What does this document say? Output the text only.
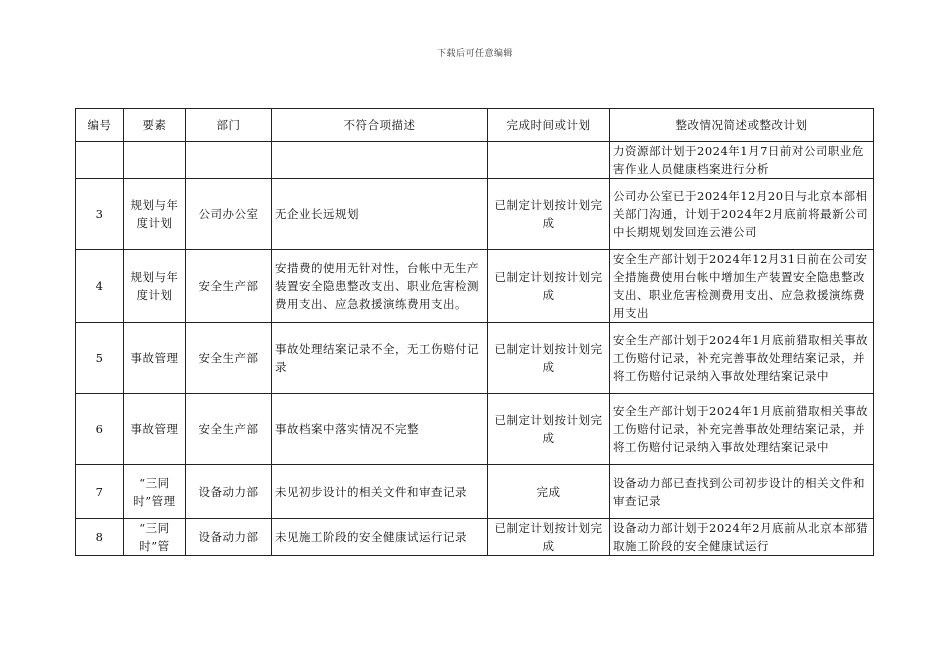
下载后可任意编辑
编号	要素	部门	不符合项描述	完成时间或计划	整改情况简述或整改计划
					力资源部计划于2024年1月7日前对公司职业危害作业人员健康档案进行分析
3	规划与年度计划	公司办公室	无企业长远规划	已制定计划按计划完成	公司办公室已于2024年12月20日与北京本部相关部门沟通，计划于2024年2月底前将最新公司中长期规划发回连云港公司
4	规划与年度计划	安全生产部	安措费的使用无针对性，台帐中无生产装置安全隐患整改支出、职业危害检测费用支出、应急救援演练费用支出。	已制定计划按计划完成	安全生产部计划于2024年12月31日前在公司安全措施费使用台帐中增加生产装置安全隐患整改支出、职业危害检测费用支出、应急救援演练费用支出
5	事故管理	安全生产部	事故处理结案记录不全，无工伤赔付记录	已制定计划按计划完成	安全生产部计划于2024年1月底前猎取相关事故工伤赔付记录，补充完善事故处理结案记录，并将工伤赔付记录纳入事故处理结案记录中
6	事故管理	安全生产部	事故档案中落实情况不完整	已制定计划按计划完成	安全生产部计划于2024年1月底前猎取相关事故工伤赔付记录，补充完善事故处理结案记录，并将工伤赔付记录纳入事故处理结案记录中
7	“三同时”管理	设备动力部	未见初步设计的相关文件和审查记录	完成	设备动力部已查找到公司初步设计的相关文件和审查记录
8	“三同时”管	设备动力部	未见施工阶段的安全健康试运行记录	已制定计划按计划完成	设备动力部计划于2024年2月底前从北京本部猎取施工阶段的安全健康试运行
